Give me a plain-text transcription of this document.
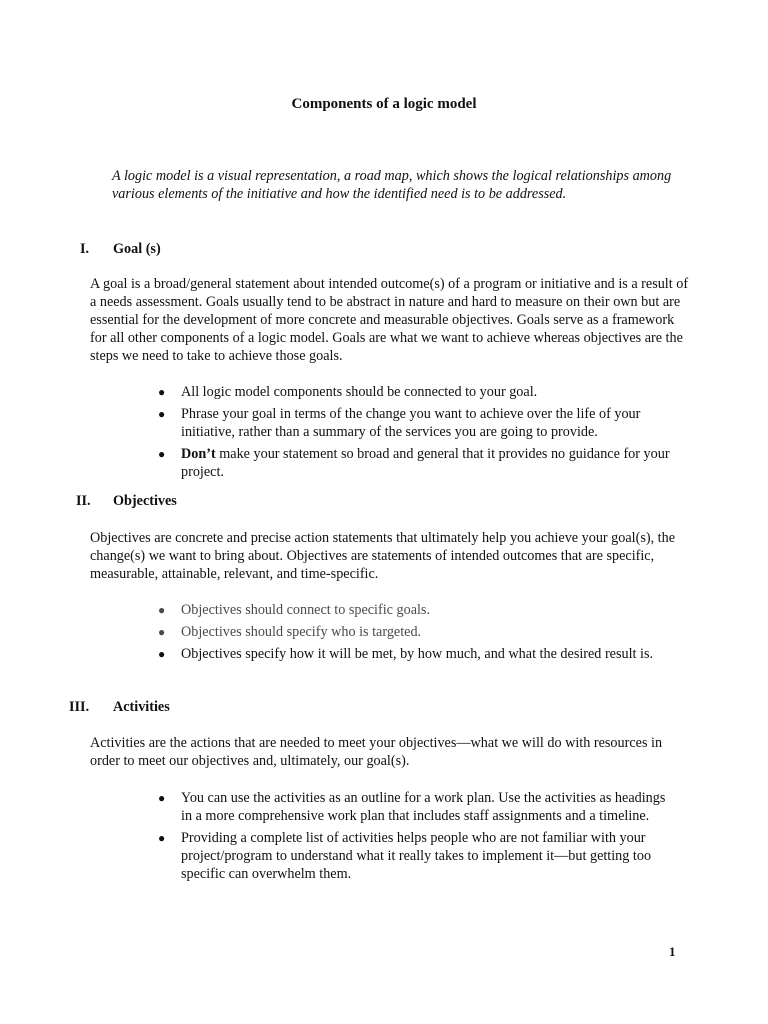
Components of a logic model
A logic model is a visual representation, a road map, which shows the logical relationships among various elements of the initiative and how the identified need is to be addressed.
I. Goal (s)
A goal is a broad/general statement about intended outcome(s) of a program or initiative and is a result of a needs assessment. Goals usually tend to be abstract in nature and hard to measure on their own but are essential for the development of more concrete and measurable objectives. Goals serve as a framework for all other components of a logic model. Goals are what we want to achieve whereas objectives are the steps we need to take to achieve those goals.
● All logic model components should be connected to your goal.
● Phrase your goal in terms of the change you want to achieve over the life of your initiative, rather than a summary of the services you are going to provide.
● Don’t make your statement so broad and general that it provides no guidance for your project.
II. Objectives
Objectives are concrete and precise action statements that ultimately help you achieve your goal(s), the change(s) we want to bring about. Objectives are statements of intended outcomes that are specific, measurable, attainable, relevant, and time-specific.
● Objectives should connect to specific goals.
● Objectives should specify who is targeted.
● Objectives specify how it will be met, by how much, and what the desired result is.
III. Activities
Activities are the actions that are needed to meet your objectives—what we will do with resources in order to meet our objectives and, ultimately, our goal(s).
● You can use the activities as an outline for a work plan. Use the activities as headings in a more comprehensive work plan that includes staff assignments and a timeline.
● Providing a complete list of activities helps people who are not familiar with your project/program to understand what it really takes to implement it—but getting too specific can overwhelm them.
1
